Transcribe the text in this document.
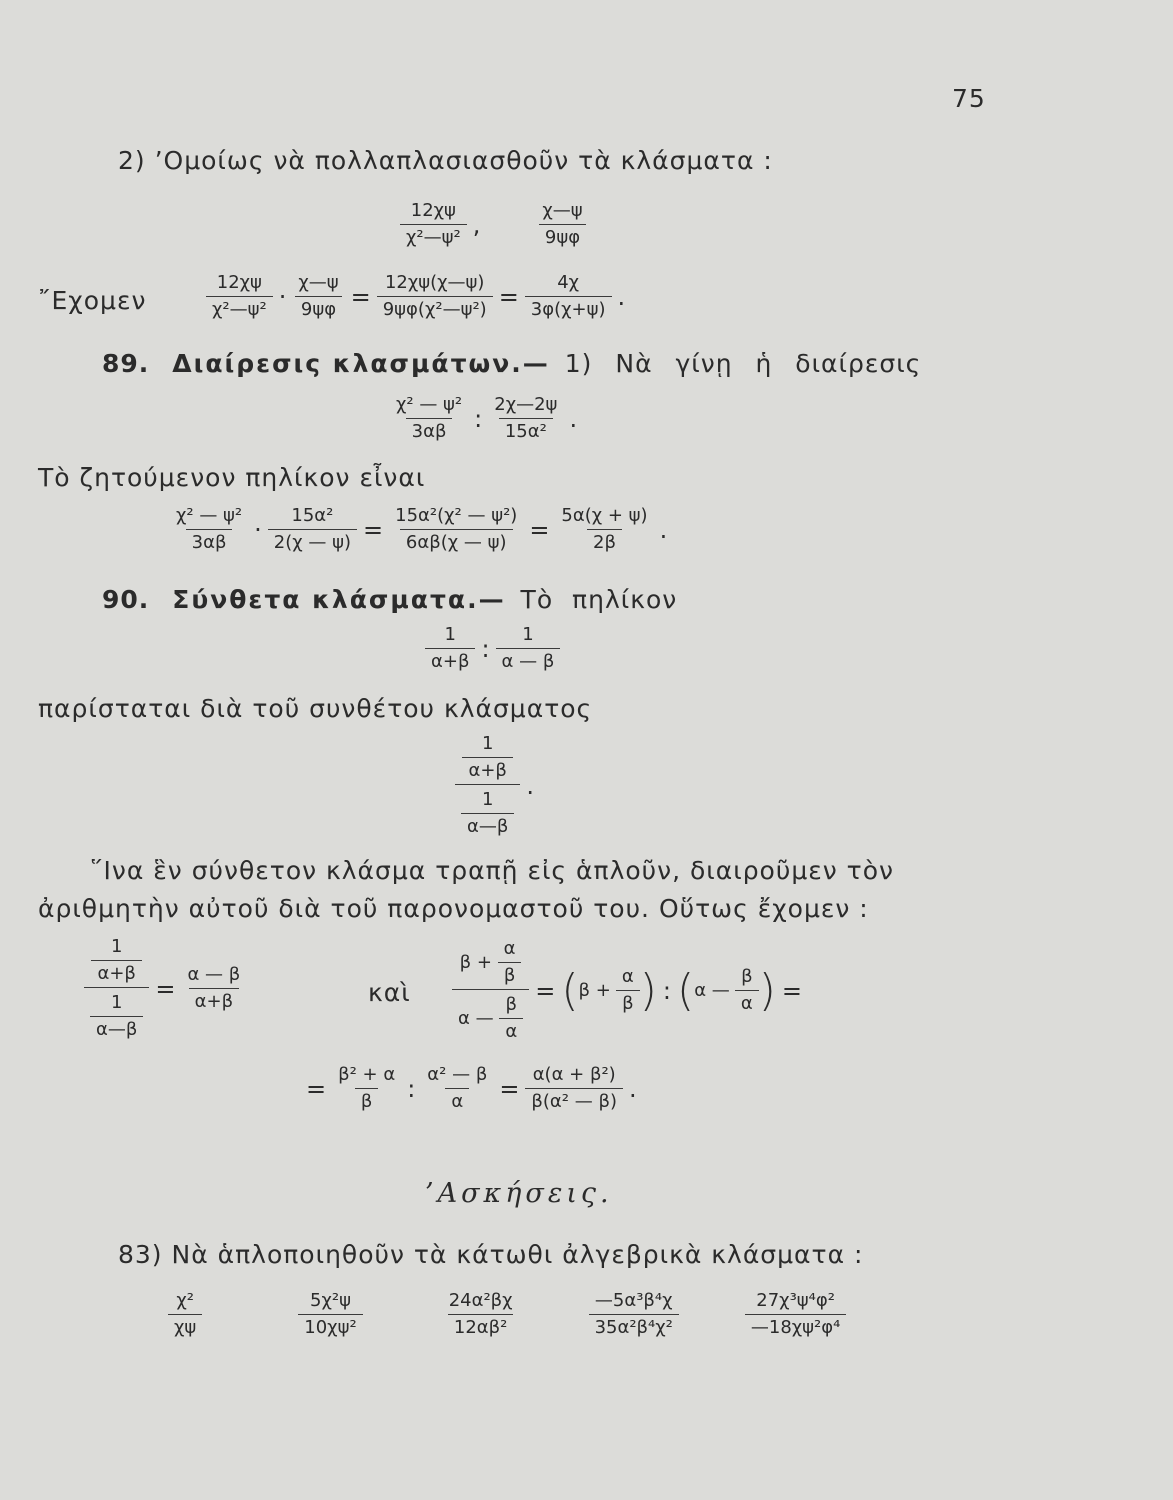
75
2) ’Ομοίως νὰ πολλαπλασιασθοῦν τὰ κλάσματα :
$\frac{12\chi\psi}{\text{χ²—ψ²}}$ ,	$\frac{\chi—\psi}{9\psi\varphi}$
῎Εχομεν	$\frac{12\chi\psi}{\text{χ²—ψ²}} \cdot \frac{\chi—\psi}{9\psi\varphi} = \frac{12\chi\psi(\chi—\psi)}{\text{9ψφ(χ²—ψ²)}} = \frac{4\chi}{3\varphi(\chi+\psi)}$ .
89. Διαίρεσις κλασμάτων.— 1) Νὰ γίνῃ ἡ διαίρεσις
$\frac{\text{χ² — ψ²}}{3\alpha\beta}$ : $\frac{2\chi—2\psi}{\text{15α²}}$ .
Τὸ ζητούμενον πηλίκον εἶναι
$\frac{\text{χ² — ψ²}}{3\alpha\beta} \cdot \frac{\text{15α²}}{2(\chi — \psi)} = \frac{\text{15α²(χ² — ψ²)}}{6\alpha\beta(\chi — \psi)} = \frac{5\alpha(\chi + \psi)}{2\beta}$ .
90. Σύνθετα κλάσματα.— Τὸ πηλίκον
$\frac{1}{\alpha+\beta}$ : $\frac{1}{\alpha — \beta}$
παρίσταται διὰ τοῦ συνθέτου κλάσματος
$\frac{\frac{1}{\alpha+\beta}}{\frac{1}{\alpha—\beta}}$ .
῞Ινα ἓν σύνθετον κλάσμα τραπῇ εἰς ἁπλοῦν, διαιροῦμεν τὸν
ἀριθμητὴν αὐτοῦ διὰ τοῦ παρονομαστοῦ του. Οὕτως ἔχομεν :
$\frac{\frac{1}{\alpha+\beta}}{\frac{1}{\alpha—\beta}} = \frac{\alpha — \beta}{\alpha+\beta}$	καὶ β +
$\frac{\alpha}{\beta}$
α —
$\frac{\beta}{\alpha}$ = ( β +
$\frac{\alpha}{\beta}$ ) : ( α —
$\frac{\beta}{\alpha}$ ) =
= $\frac{\text{β² + α}}{\beta}$ : $\frac{\text{α² — β}}{\alpha} = \frac{\text{α(α + β²)}}{\text{β(α² — β)}}$ .
’Ασκήσεις.
83) Νὰ ἁπλοποιηθοῦν τὰ κάτωθι ἀλγεβρικὰ κλάσματα :
$\frac{\text{χ²}}{\chi\psi}$	$\frac{\text{5χ²ψ}}{\text{10χψ²}}$	$\frac{\text{24α²βχ}}{\text{12αβ²}}$	$\frac{\text{—5α³β⁴χ}}{\text{35α²β⁴χ²}}$	$\frac{\text{27χ³ψ⁴φ²}}{\text{—18χψ²φ⁴}}$
